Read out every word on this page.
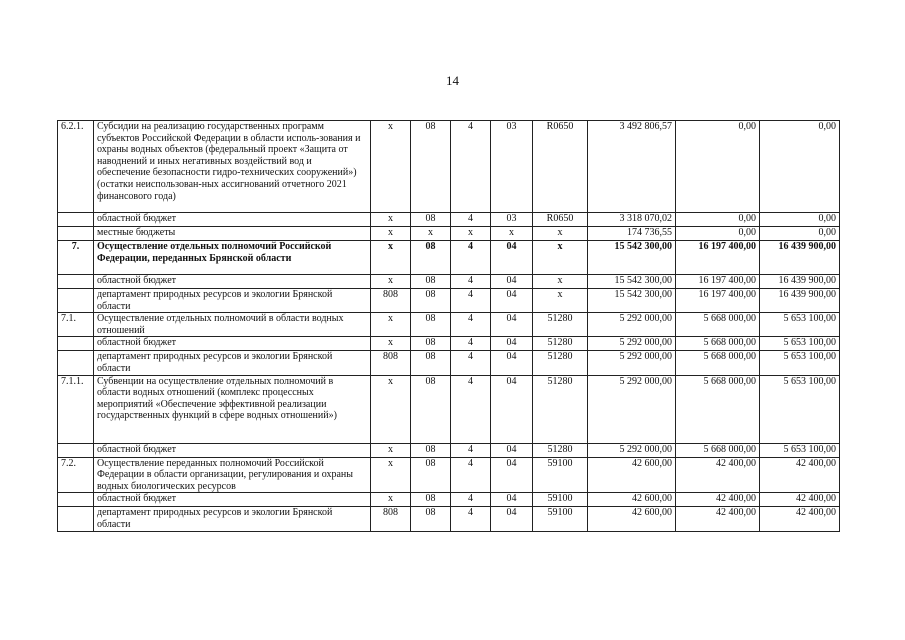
14
6.2.1.	Субсидии на реализацию государственных программ субъектов Российской Федерации в области исполь-зования и охраны водных объектов (федеральный проект «Защита от наводнений и иных негативных воздействий вод и обеспечение безопасности гидро-технических сооружений») (остатки неиспользован-ных ассигнований отчетного 2021 финансового года)	х	08	4	03	R0650	3 492 806,57	0,00	0,00
	областной бюджет	х	08	4	03	R0650	3 318 070,02	0,00	0,00
	местные бюджеты	х	х	х	х	х	174 736,55	0,00	0,00
7.	Осуществление отдельных полномочий Российской Федерации, переданных Брянской области	х	08	4	04	х	15 542 300,00	16 197 400,00	16 439 900,00
	областной бюджет	х	08	4	04	х	15 542 300,00	16 197 400,00	16 439 900,00
	департамент природных ресурсов и экологии Брянской области	808	08	4	04	х	15 542 300,00	16 197 400,00	16 439 900,00
7.1.	Осуществление отдельных полномочий в области водных отношений	х	08	4	04	51280	5 292 000,00	5 668 000,00	5 653 100,00
	областной бюджет	х	08	4	04	51280	5 292 000,00	5 668 000,00	5 653 100,00
	департамент природных ресурсов и экологии Брянской области	808	08	4	04	51280	5 292 000,00	5 668 000,00	5 653 100,00
7.1.1.	Субвенции на осуществление отдельных полномочий в области водных отношений (комплекс процессных мероприятий «Обеспечение эффективной реализации государственных функций в сфере водных отношений»)	х	08	4	04	51280	5 292 000,00	5 668 000,00	5 653 100,00
	областной бюджет	х	08	4	04	51280	5 292 000,00	5 668 000,00	5 653 100,00
7.2.	Осуществление переданных полномочий Российской Федерации в области организации, регулирования и охраны водных биологических ресурсов	х	08	4	04	59100	42 600,00	42 400,00	42 400,00
	областной бюджет	х	08	4	04	59100	42 600,00	42 400,00	42 400,00
	департамент природных ресурсов и экологии Брянской области	808	08	4	04	59100	42 600,00	42 400,00	42 400,00
